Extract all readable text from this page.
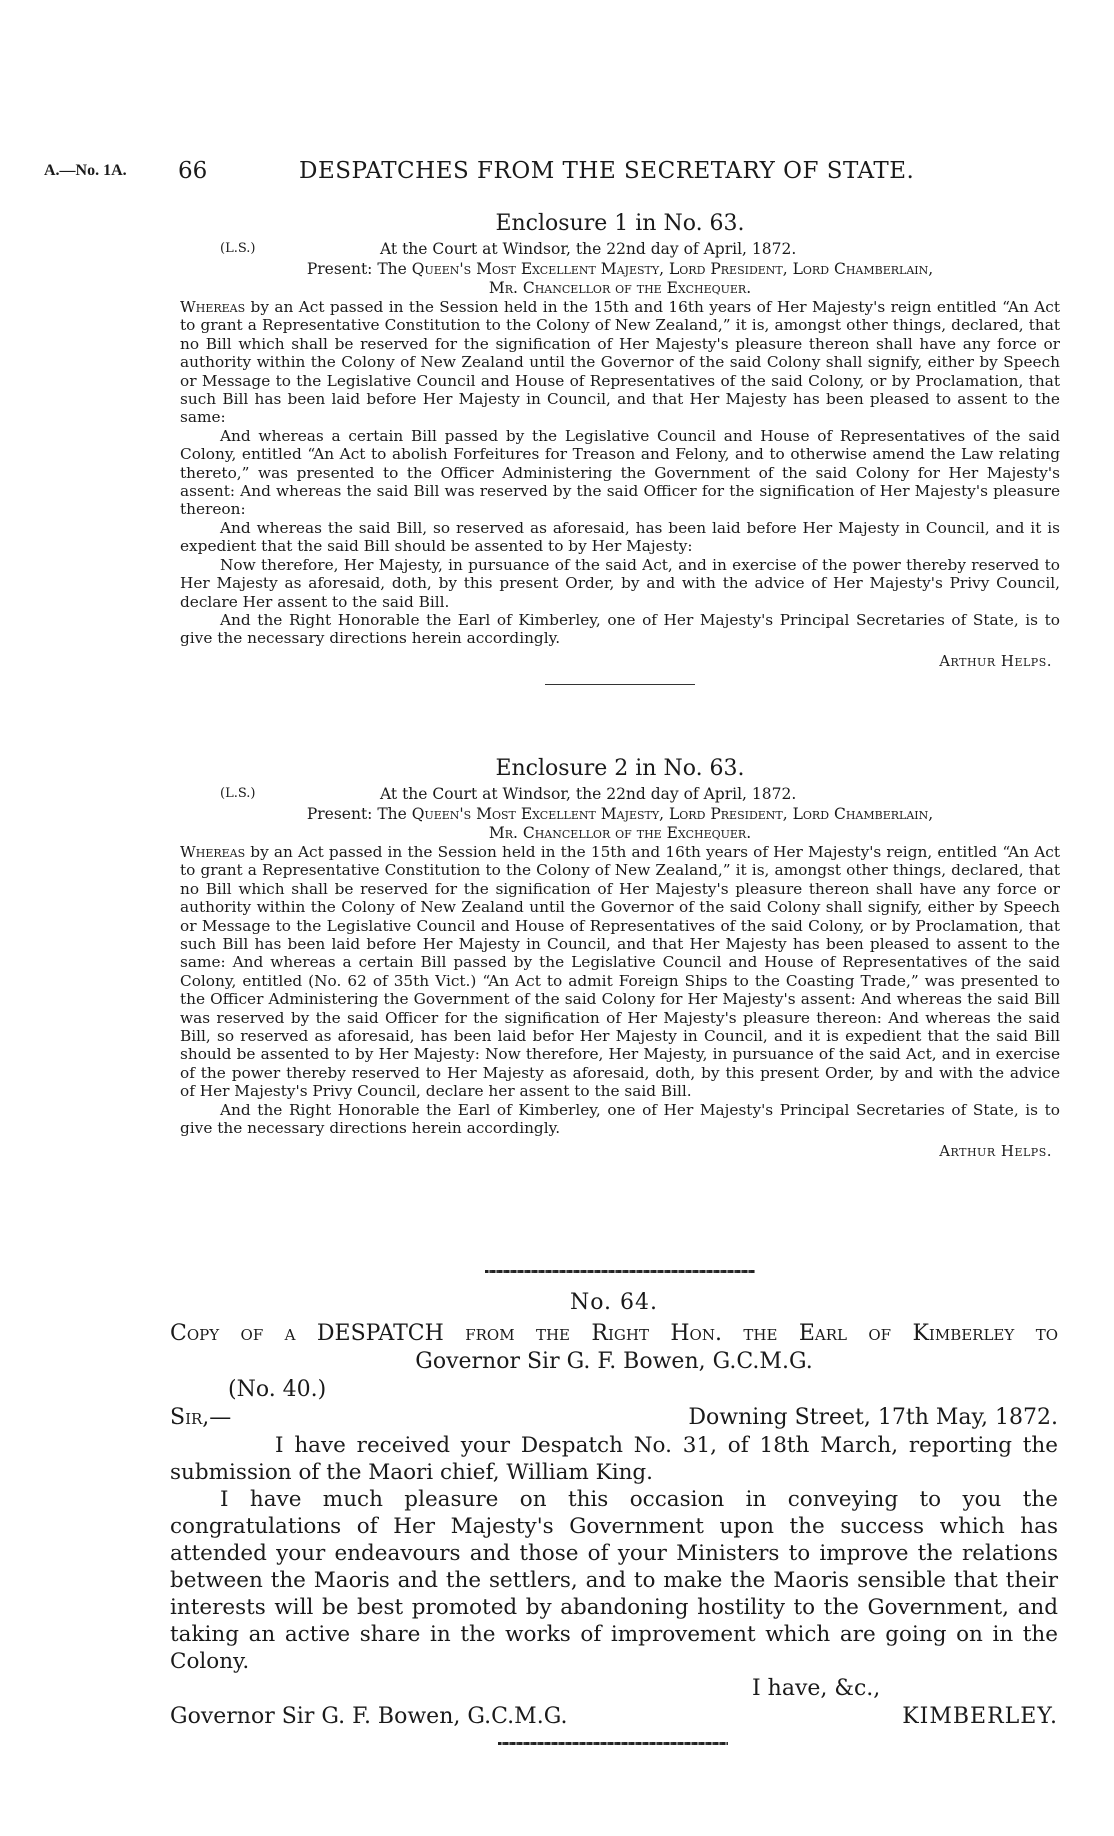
A.—No. 1A. 66	DESPATCHES FROM THE SECRETARY OF STATE.
Enclosure 1 in No. 63.
(L.S.)	At the Court at Windsor, the 22nd day of April, 1872.
Present: The Queen's Most Excellent Majesty, Lord President, Lord Chamberlain,
Mr. Chancellor of the Exchequer.

Whereas by an Act passed in the Session held in the 15th and 16th years of Her Majesty's reign entitled “An Act to grant a Representative Constitution to the Colony of New Zealand,” it is, amongst other things, declared, that no Bill which shall be reserved for the signification of Her Majesty's pleasure thereon shall have any force or authority within the Colony of New Zealand until the Governor of the said Colony shall signify, either by Speech or Message to the Legislative Council and House of Representatives of the said Colony, or by Proclamation, that such Bill has been laid before Her Majesty in Council, and that Her Majesty has been pleased to assent to the same:

And whereas a certain Bill passed by the Legislative Council and House of Representatives of the said Colony, entitled “An Act to abolish Forfeitures for Treason and Felony, and to otherwise amend the Law relating thereto,” was presented to the Officer Administering the Government of the said Colony for Her Majesty's assent: And whereas the said Bill was reserved by the said Officer for the signification of Her Majesty's pleasure thereon:

And whereas the said Bill, so reserved as aforesaid, has been laid before Her Majesty in Council, and it is expedient that the said Bill should be assented to by Her Majesty:

Now therefore, Her Majesty, in pursuance of the said Act, and in exercise of the power thereby reserved to Her Majesty as aforesaid, doth, by this present Order, by and with the advice of Her Majesty's Privy Council, declare Her assent to the said Bill.

And the Right Honorable the Earl of Kimberley, one of Her Majesty's Principal Secretaries of State, is to give the necessary directions herein accordingly.

Arthur Helps.
Enclosure 2 in No. 63.
(L.S.)	At the Court at Windsor, the 22nd day of April, 1872.
Present: The Queen's Most Excellent Majesty, Lord President, Lord Chamberlain,
Mr. Chancellor of the Exchequer.

Whereas by an Act passed in the Session held in the 15th and 16th years of Her Majesty's reign, entitled “An Act to grant a Representative Constitution to the Colony of New Zealand,” it is, amongst other things, declared, that no Bill which shall be reserved for the signification of Her Majesty's pleasure thereon shall have any force or authority within the Colony of New Zealand until the Governor of the said Colony shall signify, either by Speech or Message to the Legislative Council and House of Representatives of the said Colony, or by Proclamation, that such Bill has been laid before Her Majesty in Council, and that Her Majesty has been pleased to assent to the same: And whereas a certain Bill passed by the Legislative Council and House of Representatives of the said Colony, entitled (No. 62 of 35th Vict.) “An Act to admit Foreign Ships to the Coasting Trade,” was presented to the Officer Administering the Government of the said Colony for Her Majesty's assent: And whereas the said Bill was reserved by the said Officer for the signification of Her Majesty's pleasure thereon: And whereas the said Bill, so reserved as aforesaid, has been laid befor Her Majesty in Council, and it is expedient that the said Bill should be assented to by Her Majesty: Now therefore, Her Majesty, in pursuance of the said Act, and in exercise of the power thereby reserved to Her Majesty as aforesaid, doth, by this present Order, by and with the advice of Her Majesty's Privy Council, declare her assent to the said Bill.

And the Right Honorable the Earl of Kimberley, one of Her Majesty's Principal Secretaries of State, is to give the necessary directions herein accordingly.

Arthur Helps.
No. 64.
Copy of a DESPATCH from the Right Hon. the Earl of Kimberley to
Governor Sir G. F. Bowen, G.C.M.G.
(No. 40.)
Sir,—	Downing Street, 17th May, 1872.

I have received your Despatch No. 31, of 18th March, reporting the submission of the Maori chief, William King.

I have much pleasure on this occasion in conveying to you the congratulations of Her Majesty's Government upon the success which has attended your endeavours and those of your Ministers to improve the relations between the Maoris and the settlers, and to make the Maoris sensible that their interests will be best promoted by abandoning hostility to the Government, and taking an active share in the works of improvement which are going on in the Colony.

I have, &c.,
Governor Sir G. F. Bowen, G.C.M.G.	KIMBERLEY.
